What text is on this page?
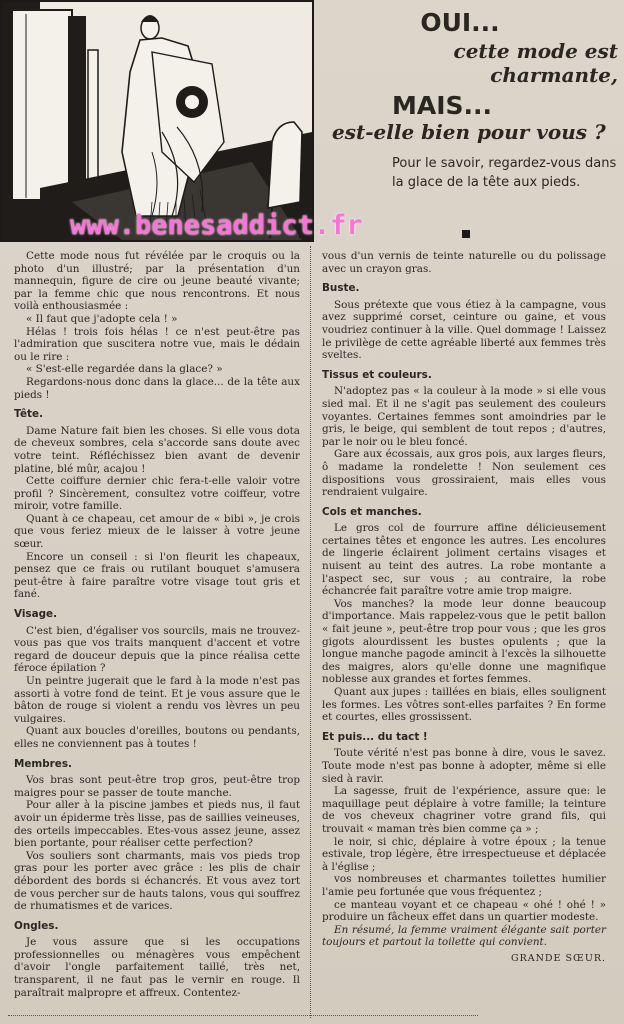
OUI...
cette mode est charmante,
MAIS...
est-elle bien pour vous ?
Pour le savoir, regardez-vous dans la glace de la tête aux pieds.
www.benesaddict.fr

Cette mode nous fut révélée par le croquis ou la photo d'un illustré; par la présentation d'un mannequin, figure de cire ou jeune beauté vivante; par la femme chic que nous rencontrons. Et nous voilà enthousiasmée :

« Il faut que j'adopte cela ! »

Hélas ! trois fois hélas ! ce n'est peut-être pas l'admiration que suscitera notre vue, mais le dédain ou le rire :

« S'est-elle regardée dans la glace? »

Regardons-nous donc dans la glace... de la tête aux pieds !

Tête.

Dame Nature fait bien les choses. Si elle vous dota de cheveux sombres, cela s'accorde sans doute avec votre teint. Réfléchissez bien avant de devenir platine, blé mûr, acajou !

Cette coiffure dernier chic fera-t-elle valoir votre profil ? Sincèrement, consultez votre coiffeur, votre miroir, votre famille.

Quant à ce chapeau, cet amour de « bibi », je crois que vous feriez mieux de le laisser à votre jeune sœur.

Encore un conseil : si l'on fleurit les chapeaux, pensez que ce frais ou rutilant bouquet s'amusera peut-être à faire paraître votre visage tout gris et fané.

Visage.

C'est bien, d'égaliser vos sourcils, mais ne trouvez-vous pas que vos traits manquent d'accent et votre regard de douceur depuis que la pince réalisa cette féroce épilation ?

Un peintre jugerait que le fard à la mode n'est pas assorti à votre fond de teint. Et je vous assure que le bâton de rouge si violent a rendu vos lèvres un peu vulgaires.

Quant aux boucles d'oreilles, boutons ou pendants, elles ne conviennent pas à toutes !

Membres.

Vos bras sont peut-être trop gros, peut-être trop maigres pour se passer de toute manche.

Pour aller à la piscine jambes et pieds nus, il faut avoir un épiderme très lisse, pas de saillies veineuses, des orteils impeccables. Etes-vous assez jeune, assez bien portante, pour réaliser cette perfection?

Vos souliers sont charmants, mais vos pieds trop gras pour les porter avec grâce : les plis de chair débordent des bords si échancrés. Et vous avez tort de vous percher sur de hauts talons, vous qui souffrez de rhumatismes et de varices.

Ongles.

Je vous assure que si les occupations professionnelles ou ménagères vous empêchent d'avoir l'ongle parfaitement taillé, très net, transparent, il ne faut pas le vernir en rouge. Il paraîtrait malpropre et affreux. Contentez-

vous d'un vernis de teinte naturelle ou du polissage avec un crayon gras.

Buste.

Sous prétexte que vous étiez à la campagne, vous avez supprimé corset, ceinture ou gaine, et vous voudriez continuer à la ville. Quel dommage ! Laissez le privilège de cette agréable liberté aux femmes très sveltes.

Tissus et couleurs.

N'adoptez pas « la couleur à la mode » si elle vous sied mal. Et il ne s'agit pas seulement des couleurs voyantes. Certaines femmes sont amoindries par le gris, le beige, qui semblent de tout repos ; d'autres, par le noir ou le bleu foncé.

Gare aux écossais, aux gros pois, aux larges fleurs, ô madame la rondelette ! Non seulement ces dispositions vous grossiraient, mais elles vous rendraient vulgaire.

Cols et manches.

Le gros col de fourrure affine délicieusement certaines têtes et engonce les autres. Les encolures de lingerie éclairent joliment certains visages et nuisent au teint des autres. La robe montante a l'aspect sec, sur vous ; au contraire, la robe échancrée fait paraître votre amie trop maigre.

Vos manches? la mode leur donne beaucoup d'importance. Mais rappelez-vous que le petit ballon « fait jeune », peut-être trop pour vous ; que les gros gigots alourdissent les bustes opulents ; que la longue manche pagode amincit à l'excès la silhouette des maigres, alors qu'elle donne une magnifique noblesse aux grandes et fortes femmes.

Quant aux jupes : taillées en biais, elles soulignent les formes. Les vôtres sont-elles parfaites ? En forme et courtes, elles grossissent.

Et puis... du tact !

Toute vérité n'est pas bonne à dire, vous le savez. Toute mode n'est pas bonne à adopter, même si elle sied à ravir.

La sagesse, fruit de l'expérience, assure que: le maquillage peut déplaire à votre famille; la teinture de vos cheveux chagriner votre grand fils, qui trouvait « maman très bien comme ça » ;

le noir, si chic, déplaire à votre époux ; la tenue estivale, trop légère, être irrespectueuse et déplacée à l'église ;

vos nombreuses et charmantes toilettes humilier l'amie peu fortunée que vous fréquentez ;

ce manteau voyant et ce chapeau « ohé ! ohé ! » produire un fâcheux effet dans un quartier modeste.

En résumé, la femme vraiment élégante sait porter toujours et partout la toilette qui convient.

GRANDE SŒUR.
